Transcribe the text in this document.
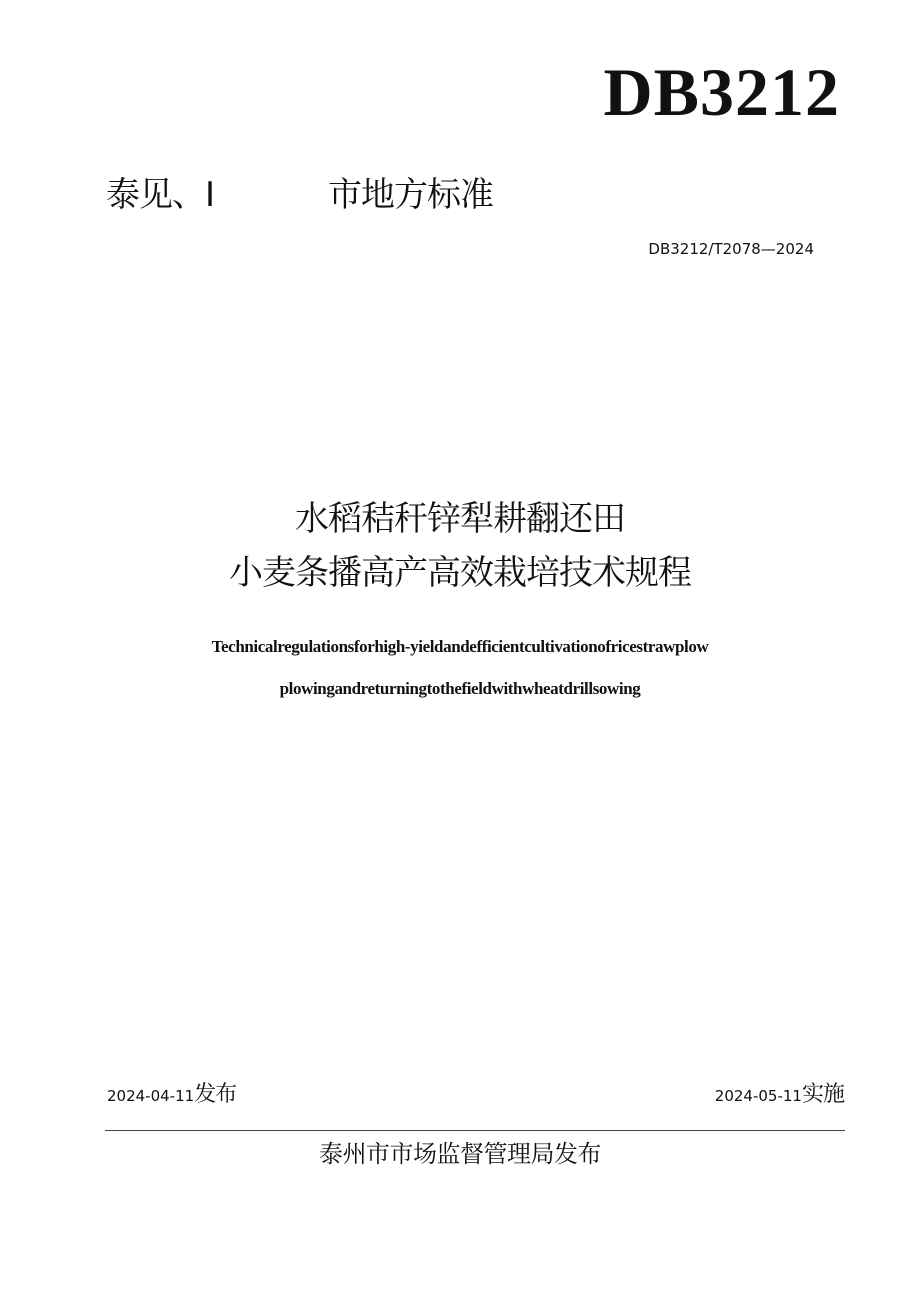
DB3212
泰见、I	市地方标准
DB3212/T2078—2024
水稻秸秆锌犁耕翻还田
小麦条播高产高效栽培技术规程
Technicalregulationsforhigh-yieldandefficientcultivationofricestrawplow
plowingandreturningtothefieldwithwheatdrillsowing
2024-04-11发布	2024-05-11实施
泰州市市场监督管理局发布
